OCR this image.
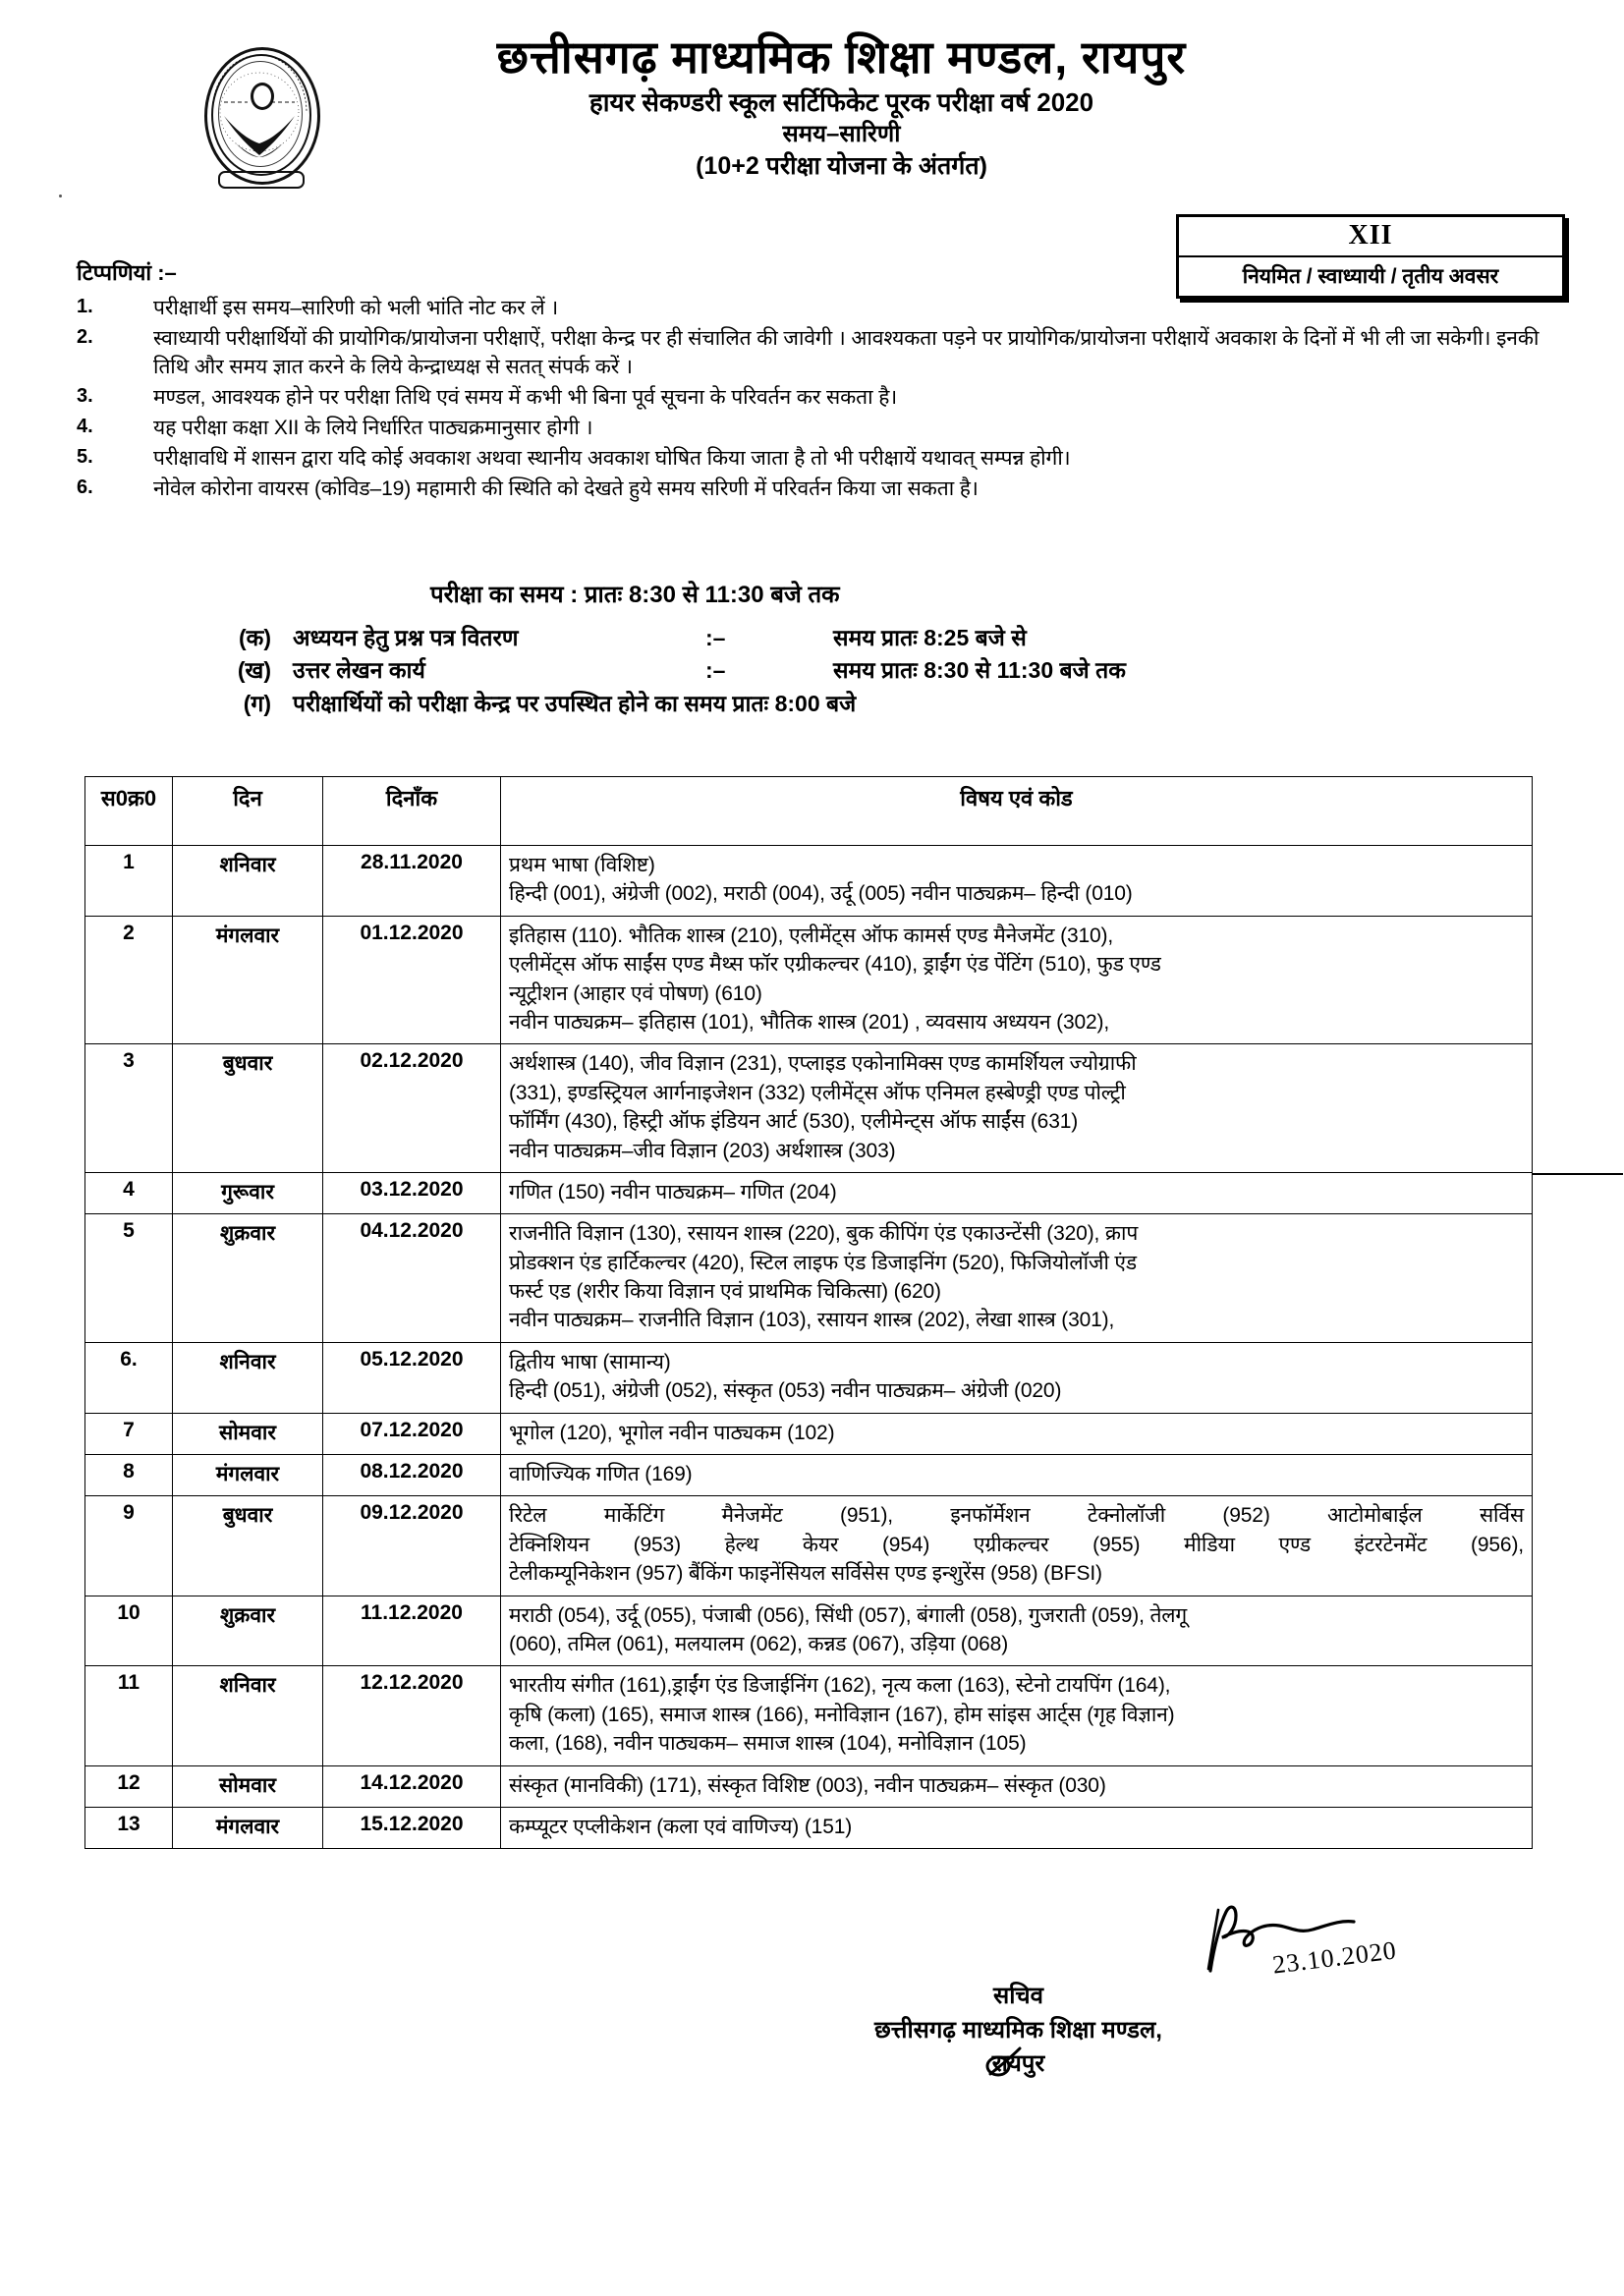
छत्तीसगढ़ माध्यमिक शिक्षा मण्डल, रायपुर
हायर सेकण्डरी स्कूल सर्टिफिकेट पूरक परीक्षा वर्ष 2020
समय–सारिणी
(10+2 परीक्षा योजना के अंतर्गत)
XII
नियमित / स्वाध्यायी / तृतीय अवसर
टिप्पणियां :–
1.	परीक्षार्थी इस समय–सारिणी को भली भांति नोट कर लें ।
2.	स्वाध्यायी परीक्षार्थियों की प्रायोगिक/प्रायोजना परीक्षाऐं, परीक्षा केन्द्र पर ही संचालित की जावेगी । आवश्यकता पड़ने पर प्रायोगिक/प्रायोजना परीक्षायें अवकाश के दिनों में भी ली जा सकेगी। इनकी तिथि और समय ज्ञात करने के लिये केन्द्राध्यक्ष से सतत् संपर्क करें ।
3.	मण्डल, आवश्यक होने पर परीक्षा तिथि एवं समय में कभी भी बिना पूर्व सूचना के परिवर्तन कर सकता है।
4.	यह परीक्षा कक्षा XII के लिये निर्धारित पाठ्यक्रमानुसार होगी ।
5.	परीक्षावधि में शासन द्वारा यदि कोई अवकाश अथवा स्थानीय अवकाश घोषित किया जाता है तो भी परीक्षायें यथावत् सम्पन्न होगी।
6.	नोवेल कोरोना वायरस (कोविड–19) महामारी की स्थिति को देखते हुये समय सरिणी में परिवर्तन किया जा सकता है।
परीक्षा का समय : प्रातः 8:30 से 11:30 बजे तक
(क) अध्ययन हेतु प्रश्न पत्र वितरण	:–	समय प्रातः 8:25 बजे से
(ख) उत्तर लेखन कार्य	:–	समय प्रातः 8:30 से 11:30 बजे तक
(ग) परीक्षार्थियों को परीक्षा केन्द्र पर उपस्थित होने का समय प्रातः 8:00 बजे
स0क्र0	दिन	दिनाँक	विषय एवं कोड
1	शनिवार	28.11.2020	प्रथम भाषा (विशिष्ट)
हिन्दी (001), अंग्रेजी (002), मराठी (004), उर्दू (005) नवीन पाठ्यक्रम– हिन्दी (010)

2	मंगलवार	01.12.2020	इतिहास (110). भौतिक शास्त्र (210), एलीमेंट्स ऑफ कामर्स एण्ड मैनेजमेंट (310),
एलीमेंट्स ऑफ साईंस एण्ड मैथ्स फॉर एग्रीकल्चर (410), ड्राईंग एंड पेंटिंग (510), फुड एण्ड
न्यूट्रीशन (आहार एवं पोषण) (610)
नवीन पाठ्यक्रम– इतिहास (101), भौतिक शास्त्र (201) , व्यवसाय अध्ययन (302),

3	बुधवार	02.12.2020	अर्थशास्त्र (140), जीव विज्ञान (231), एप्लाइड एकोनामिक्स एण्ड कामर्शियल ज्योग्राफी
(331), इण्डस्ट्रियल आर्गनाइजेशन (332) एलीमेंट्स ऑफ एनिमल हस्बेण्ड्री एण्ड पोल्ट्री
फॉर्मिंग (430), हिस्ट्री ऑफ इंडियन आर्ट (530), एलीमेन्ट्स ऑफ साईंस (631)
नवीन पाठ्यक्रम–जीव विज्ञान (203) अर्थशास्त्र (303)

4	गुरूवार	03.12.2020	गणित (150) नवीन पाठ्यक्रम– गणित (204)

5	शुक्रवार	04.12.2020	राजनीति विज्ञान (130), रसायन शास्त्र (220), बुक कीपिंग एंड एकाउन्टेंसी (320), क्राप
प्रोडक्शन एंड हार्टिकल्चर (420), स्टिल लाइफ एंड डिजाइनिंग (520), फिजियोलॉजी एंड
फर्स्ट एड (शरीर किया विज्ञान एवं प्राथमिक चिकित्सा) (620)
नवीन पाठ्यक्रम– राजनीति विज्ञान (103), रसायन शास्त्र (202), लेखा शास्त्र (301),

6.	शनिवार	05.12.2020	द्वितीय भाषा (सामान्य)
हिन्दी (051), अंग्रेजी (052), संस्कृत (053) नवीन पाठ्यक्रम– अंग्रेजी (020)

7	सोमवार	07.12.2020	भूगोल (120), भूगोल नवीन पाठ्यकम (102)

8	मंगलवार	08.12.2020	वाणिज्यिक गणित (169)

9	बुधवार	09.12.2020	रिटेल मार्केटिंग मैनेजमेंट (951), इनफॉर्मेशन टेक्नोलॉजी (952) आटोमोबाईल सर्विस
टेक्निशियन (953) हेल्थ केयर (954) एग्रीकल्चर (955) मीडिया एण्ड इंटरटेनमेंट (956),
टेलीकम्यूनिकेशन (957) बैंकिंग फाइनेंसियल सर्विसेस एण्ड इन्शुरेंस (958) (BFSI)

10	शुक्रवार	11.12.2020	मराठी (054), उर्दू (055), पंजाबी (056), सिंधी (057), बंगाली (058), गुजराती (059), तेलगू
(060), तमिल (061), मलयालम (062), कन्नड (067), उड़िया (068)

11	शनिवार	12.12.2020	भारतीय संगीत (161),ड्राईंग एंड डिजाईनिंग (162), नृत्य कला (163), स्टेनो टायपिंग (164),
कृषि (कला) (165), समाज शास्त्र (166), मनोविज्ञान (167), होम सांइस आर्ट्स (गृह विज्ञान)
कला, (168), नवीन पाठ्यकम– समाज शास्त्र (104), मनोविज्ञान (105)

12	सोमवार	14.12.2020	संस्कृत (मानविकी) (171), संस्कृत विशिष्ट (003), नवीन पाठ्यक्रम– संस्कृत (030)

13	मंगलवार	15.12.2020	कम्प्यूटर एप्लीकेशन (कला एवं वाणिज्य) (151)
23.10.2020
सचिव
छत्तीसगढ़ माध्यमिक शिक्षा मण्डल,
रायपुर
